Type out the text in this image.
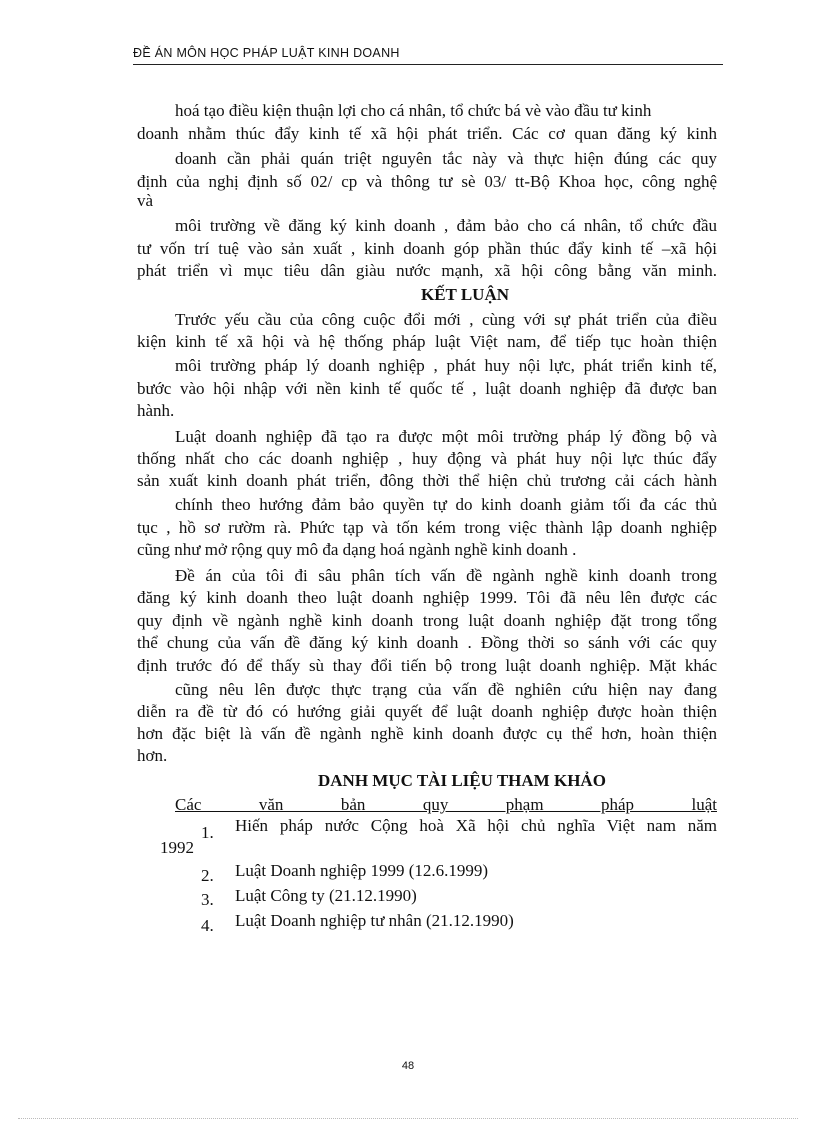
ĐỀ ÁN MÔN HỌC PHÁP LUẬT KINH DOANH
hoá tạo điều kiện thuận lợi cho cá nhân, tổ chức bá vè vào đầu tư kinh
doanh nhằm thúc đẩy kinh tế xã hội phát triển. Các cơ quan đăng ký kinh
doanh cần phải quán triệt nguyên tắc này và thực hiện đúng các quy
định của nghị định số 02/ cp và thông tư sè 03/ tt-Bộ Khoa học, công nghệ
và
môi trường về đăng ký kinh doanh , đảm bảo cho cá nhân, tổ chức đầu
tư vốn trí tuệ vào sản xuất , kinh doanh góp phần thúc đẩy kinh tế –xã hội
phát triển vì mục tiêu dân giàu nước mạnh, xã hội công bằng văn minh.
KẾT LUẬN
Trước yếu cầu của công cuộc đổi mới , cùng với sự phát triển của điều
kiện kinh tế xã hội và hệ thống pháp luật Việt nam, để tiếp tục hoàn thiện
môi trường pháp lý doanh nghiệp , phát huy nội lực, phát triển kinh tế,
bước vào hội nhập với nền kinh tế quốc tế , luật doanh nghiệp đã được ban
hành.
Luật doanh nghiệp đã tạo ra được một môi trường pháp lý đồng bộ và
thống nhất cho các doanh nghiệp , huy động và phát huy nội lực thúc đẩy
sản xuất kinh doanh phát triển, đông thời thể hiện chủ trương cải cách hành
chính theo hướng đảm bảo quyền tự do kinh doanh giảm tối đa các thủ
tục , hồ sơ rườm rà. Phức tạp và tốn kém trong việc thành lập doanh nghiệp
cũng như mở rộng quy mô đa dạng hoá ngành nghề kinh doanh .
Đề án của tôi đi sâu phân tích vấn đề ngành nghề kinh doanh trong
đăng ký kinh doanh theo luật doanh nghiệp 1999. Tôi đã nêu lên được các
quy định về ngành nghề kinh doanh trong luật doanh nghiệp đặt trong tổng
thể chung của vấn đề đăng ký kinh doanh . Đồng thời so sánh với các quy
định trước đó để thấy sù thay đổi tiến bộ trong luật doanh nghiệp. Mặt khác
cũng nêu lên được thực trạng của vấn đề nghiên cứu hiện nay đang
diễn ra đề từ đó có hướng giải quyết để luật doanh nghiệp được hoàn thiện
hơn đặc biệt là vấn đề ngành nghề kinh doanh được cụ thể hơn, hoàn thiện
hơn.
DANH MỤC TÀI LIỆU THAM KHẢO
Các văn bản quy phạm pháp luật
1. Hiến pháp nước Cộng hoà Xã hội chủ nghĩa Việt nam năm
1992
2. Luật Doanh nghiệp 1999 (12.6.1999)
3. Luật Công ty (21.12.1990)
4. Luật Doanh nghiệp tư nhân (21.12.1990)
48
